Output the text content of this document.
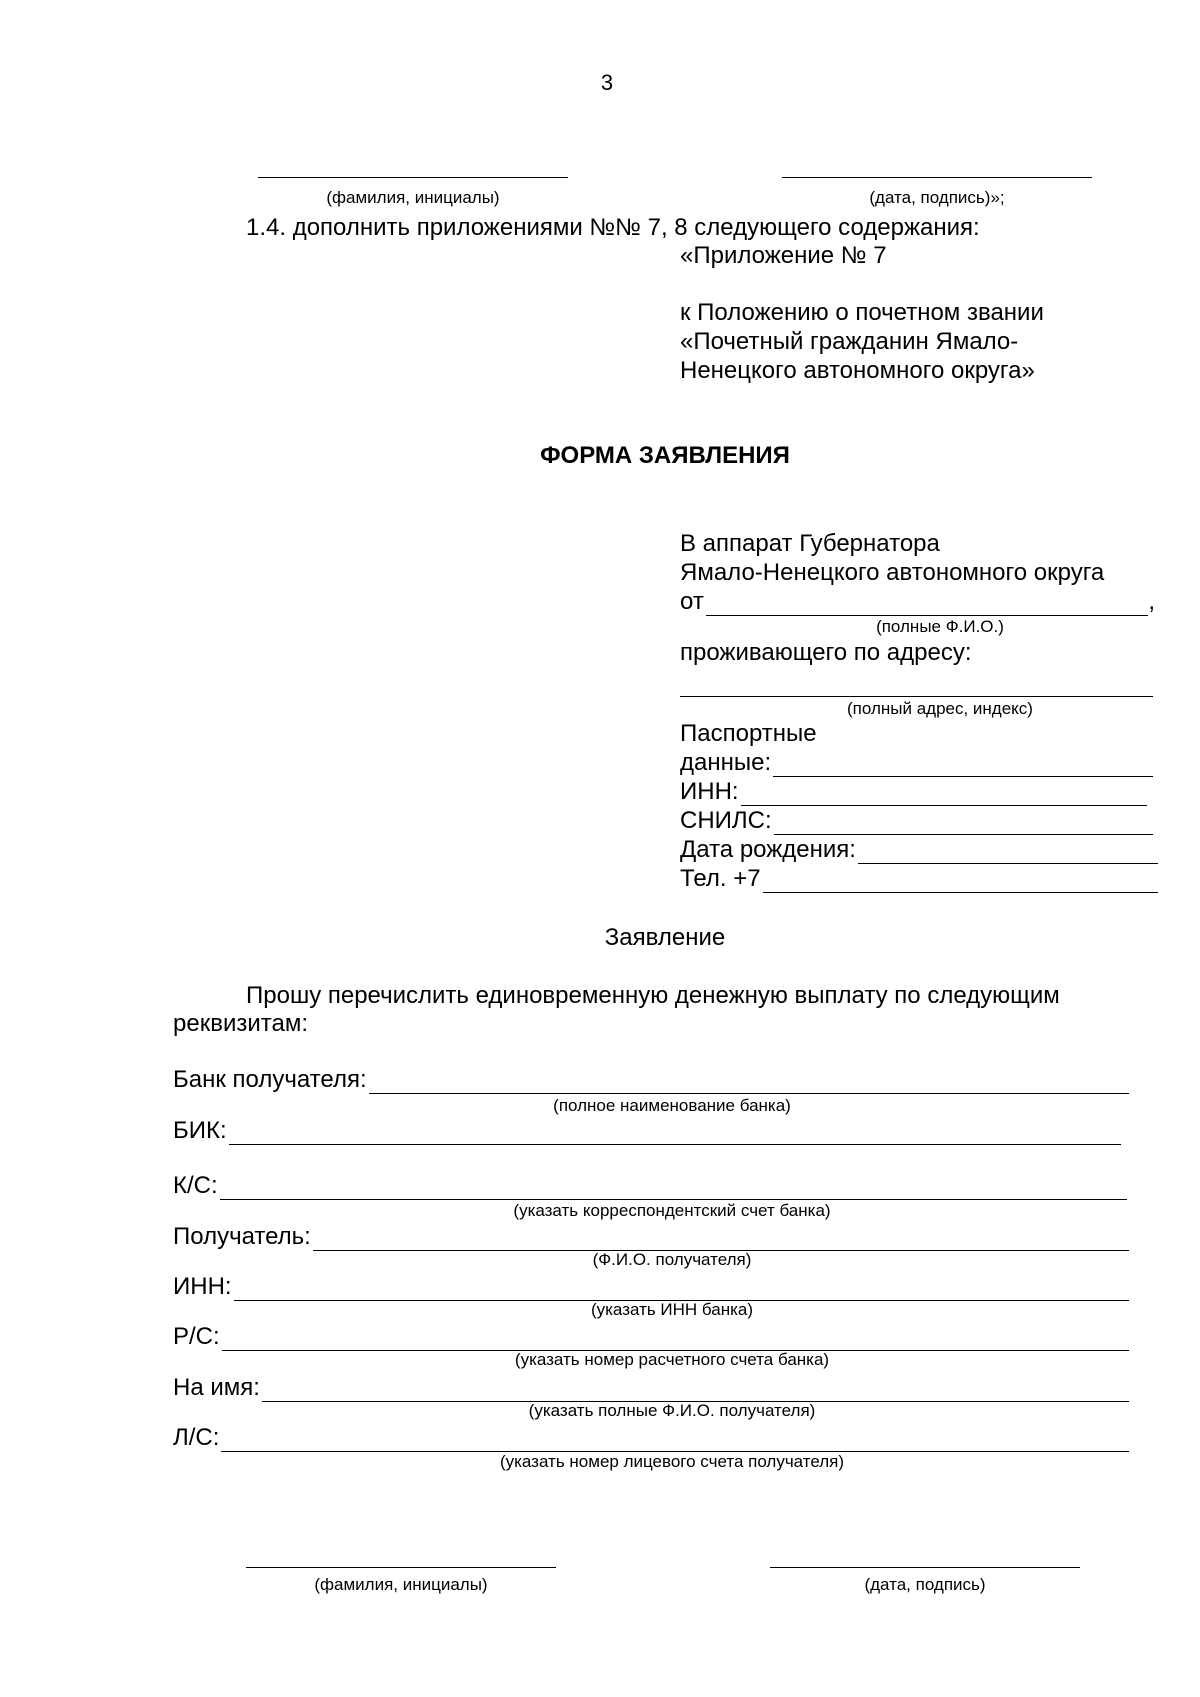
3
(фамилия, инициалы)	(дата, подпись)»;
1.4. дополнить приложениями №№ 7, 8 следующего содержания:
«Приложение № 7
к Положению о почетном звании
«Почетный гражданин Ямало-
Ненецкого автономного округа»
ФОРМА ЗАЯВЛЕНИЯ
В аппарат Губернатора
Ямало-Ненецкого автономного округа
от	,
(полные Ф.И.О.)
проживающего по адресу:
(полный адрес, индекс)
Паспортные
данные:
ИНН:
СНИЛС:
Дата рождения:
Тел. +7
Заявление
Прошу перечислить единовременную денежную выплату по следующим
реквизитам:
Банк получателя:
(полное наименование банка)
БИК:
К/С:
(указать корреспондентский счет банка)
Получатель:
(Ф.И.О. получателя)
ИНН:
(указать ИНН банка)
Р/С:
(указать номер расчетного счета банка)
На имя:
(указать полные Ф.И.О. получателя)
Л/С:
(указать номер лицевого счета получателя)
(фамилия, инициалы)	(дата, подпись)
